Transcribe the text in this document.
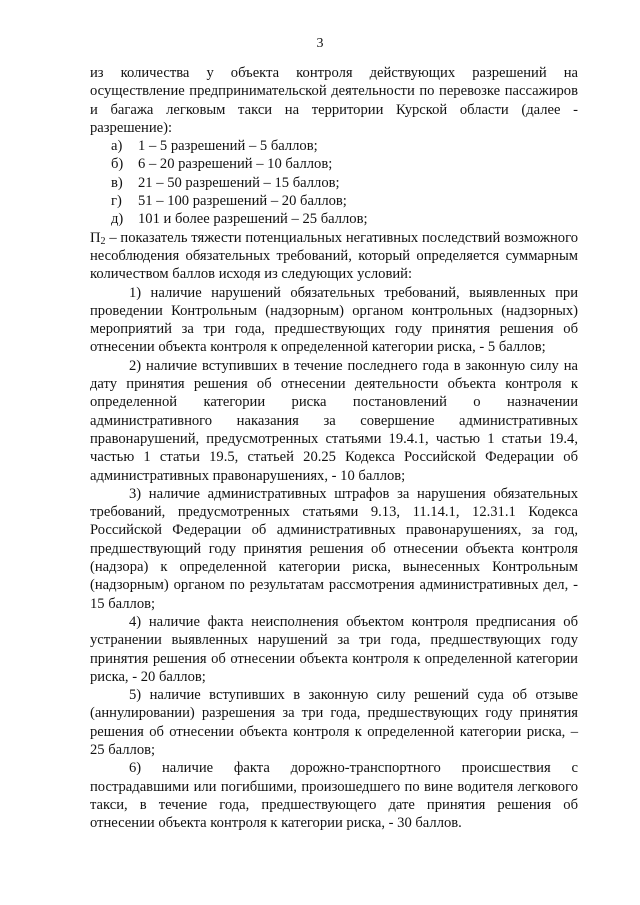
3

из количества у объекта контроля действующих разрешений на осуществление предпринимательской деятельности по перевозке пассажиров и багажа легковым такси на территории Курской области (далее - разрешение):

а)	1 – 5 разрешений – 5 баллов;
б)	6 – 20 разрешений – 10 баллов;
в)	21 – 50 разрешений – 15 баллов;
г)	51 – 100 разрешений – 20 баллов;
д)	101 и более разрешений – 25 баллов;

$П_2$ – показатель тяжести потенциальных негативных последствий возможного несоблюдения обязательных требований, который определяется суммарным количеством баллов исходя из следующих условий:

1) наличие нарушений обязательных требований, выявленных при проведении Контрольным (надзорным) органом контрольных (надзорных) мероприятий за три года, предшествующих году принятия решения об отнесении объекта контроля к определенной категории риска, - 5 баллов;

2) наличие вступивших в течение последнего года в законную силу на дату принятия решения об отнесении деятельности объекта контроля к определенной категории риска постановлений о назначении административного наказания за совершение административных правонарушений, предусмотренных статьями 19.4.1, частью 1 статьи 19.4, частью 1 статьи 19.5, статьей 20.25 Кодекса Российской Федерации об административных правонарушениях, - 10 баллов;

3) наличие административных штрафов за нарушения обязательных требований, предусмотренных статьями 9.13, 11.14.1, 12.31.1 Кодекса Российской Федерации об административных правонарушениях, за год, предшествующий году принятия решения об отнесении объекта контроля (надзора) к определенной категории риска, вынесенных Контрольным (надзорным) органом по результатам рассмотрения административных дел, - 15 баллов;

4) наличие факта неисполнения объектом контроля предписания об устранении выявленных нарушений за три года, предшествующих году принятия решения об отнесении объекта контроля к определенной категории риска, - 20 баллов;

5) наличие вступивших в законную силу решений суда об отзыве (аннулировании) разрешения за три года, предшествующих году принятия решения об отнесении объекта контроля к определенной категории риска, – 25 баллов;

6) наличие факта дорожно-транспортного происшествия с пострадавшими или погибшими, произошедшего по вине водителя легкового такси, в течение года, предшествующего дате принятия решения об отнесении объекта контроля к категории риска, - 30 баллов.
